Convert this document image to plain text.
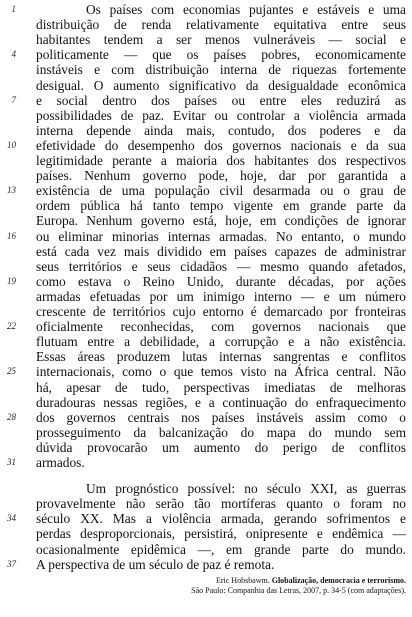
1	Os países com economias pujantes e estáveis e uma
distribuição de renda relativamente equitativa entre seus
habitantes tendem a ser menos vulneráveis — social e
4 politicamente — que os países pobres, economicamente
instáveis e com distribuição interna de riquezas fortemente
desigual. O aumento significativo da desigualdade econômica
7 e social dentro dos países ou entre eles reduzirá as
possibilidades de paz. Evitar ou controlar a violência armada
interna depende ainda mais, contudo, dos poderes e da
10 efetividade do desempenho dos governos nacionais e da sua
legitimidade perante a maioria dos habitantes dos respectivos
países. Nenhum governo pode, hoje, dar por garantida a
13 existência de uma população civil desarmada ou o grau de
ordem pública há tanto tempo vigente em grande parte da
Europa. Nenhum governo está, hoje, em condições de ignorar
16 ou eliminar minorias internas armadas. No entanto, o mundo
está cada vez mais dividido em países capazes de administrar
seus territórios e seus cidadãos — mesmo quando afetados,
19 como estava o Reino Unido, durante décadas, por ações
armadas efetuadas por um inimigo interno — e um número
crescente de territórios cujo entorno é demarcado por fronteiras
22 oficialmente reconhecidas, com governos nacionais que
flutuam entre a debilidade, a corrupção e a não existência.
Essas áreas produzem lutas internas sangrentas e conflitos
25 internacionais, como o que temos visto na África central. Não
há, apesar de tudo, perspectivas imediatas de melhoras
duradouras nessas regiões, e a continuação do enfraquecimento
28 dos governos centrais nos países instáveis assim como o
prosseguimento da balcanização do mapa do mundo sem
dúvida provocarão um aumento do perigo de conflitos
31 armados.
Um prognóstico possível: no século XXI, as guerras
provavelmente não serão tão mortíferas quanto o foram no
34 século XX. Mas a violência armada, gerando sofrimentos e
perdas desproporcionais, persistirá, onipresente e endêmica —
ocasionalmente epidêmica —, em grande parte do mundo.
37 A perspectiva de um século de paz é remota.
Eric Hobsbawm. Globalização, democracia e terrorismo.
São Paulo: Companhia das Letras, 2007, p. 34-5 (com adaptações).
